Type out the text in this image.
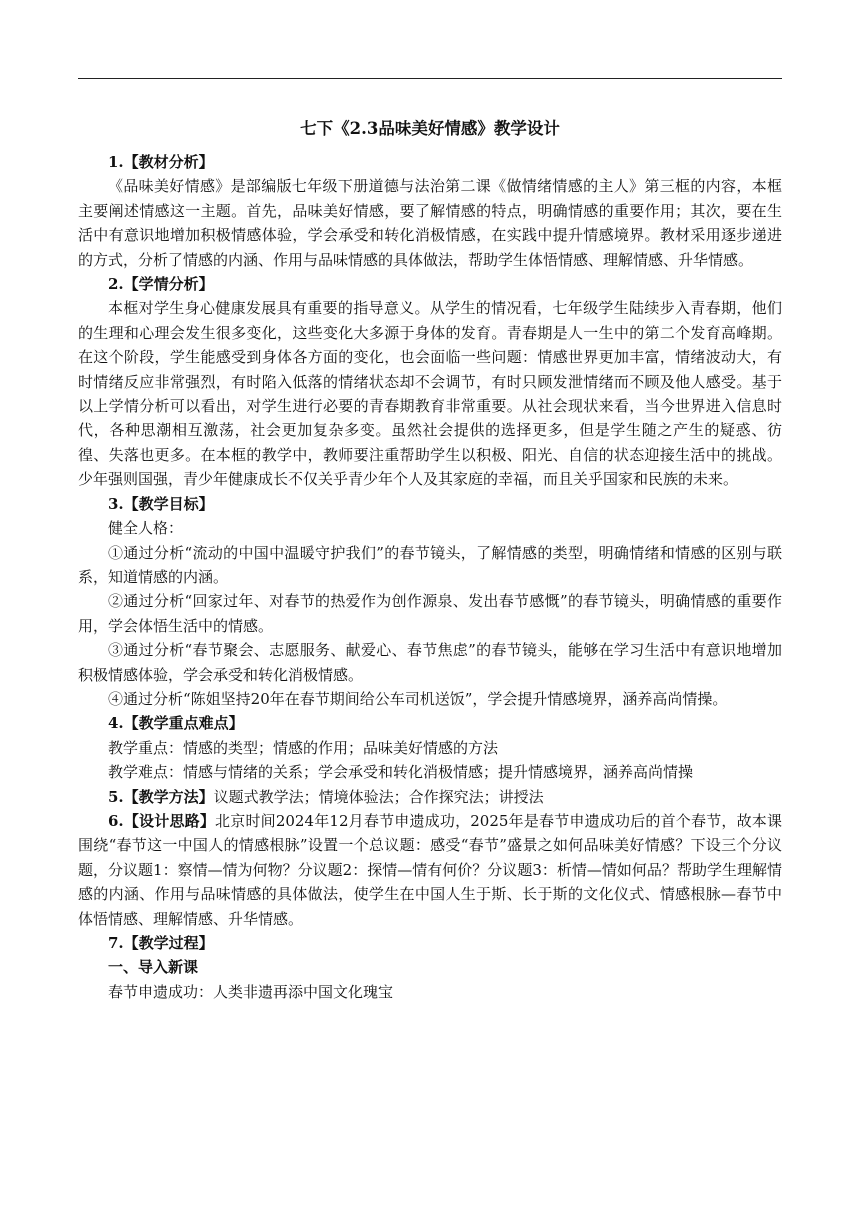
七下《2.3品味美好情感》教学设计

1.【教材分析】

《品味美好情感》是部编版七年级下册道德与法治第二课《做情绪情感的主人》第三框的内容，本框主要阐述情感这一主题。首先，品味美好情感，要了解情感的特点，明确情感的重要作用；其次，要在生活中有意识地增加积极情感体验，学会承受和转化消极情感，在实践中提升情感境界。教材采用逐步递进的方式，分析了情感的内涵、作用与品味情感的具体做法，帮助学生体悟情感、理解情感、升华情感。

2.【学情分析】

本框对学生身心健康发展具有重要的指导意义。从学生的情况看，七年级学生陆续步入青春期，他们的生理和心理会发生很多变化，这些变化大多源于身体的发育。青春期是人一生中的第二个发育高峰期。在这个阶段，学生能感受到身体各方面的变化，也会面临一些问题：情感世界更加丰富，情绪波动大，有时情绪反应非常强烈，有时陷入低落的情绪状态却不会调节，有时只顾发泄情绪而不顾及他人感受。基于以上学情分析可以看出，对学生进行必要的青春期教育非常重要。从社会现状来看，当今世界进入信息时代，各种思潮相互激荡，社会更加复杂多变。虽然社会提供的选择更多，但是学生随之产生的疑惑、彷徨、失落也更多。在本框的教学中，教师要注重帮助学生以积极、阳光、自信的状态迎接生活中的挑战。少年强则国强，青少年健康成长不仅关乎青少年个人及其家庭的幸福，而且关乎国家和民族的未来。

3.【教学目标】

健全人格：

①通过分析“流动的中国中温暖守护我们”的春节镜头，了解情感的类型，明确情绪和情感的区别与联系，知道情感的内涵。

②通过分析“回家过年、对春节的热爱作为创作源泉、发出春节感慨”的春节镜头，明确情感的重要作用，学会体悟生活中的情感。

③通过分析“春节聚会、志愿服务、献爱心、春节焦虑”的春节镜头，能够在学习生活中有意识地增加积极情感体验，学会承受和转化消极情感。

④通过分析“陈姐坚持20年在春节期间给公车司机送饭”，学会提升情感境界，涵养高尚情操。

4.【教学重点难点】

教学重点：情感的类型；情感的作用；品味美好情感的方法

教学难点：情感与情绪的关系；学会承受和转化消极情感；提升情感境界，涵养高尚情操

5.【教学方法】议题式教学法；情境体验法；合作探究法；讲授法

6.【设计思路】北京时间2024年12月春节申遗成功，2025年是春节申遗成功后的首个春节，故本课围绕“春节这一中国人的情感根脉”设置一个总议题：感受“春节”盛景之如何品味美好情感？下设三个分议题，分议题1：察情—情为何物？分议题2：探情—情有何价？分议题3：析情—情如何品？帮助学生理解情感的内涵、作用与品味情感的具体做法，使学生在中国人生于斯、长于斯的文化仪式、情感根脉—春节中体悟情感、理解情感、升华情感。

7.【教学过程】

一、导入新课

春节申遗成功：人类非遗再添中国文化瑰宝
